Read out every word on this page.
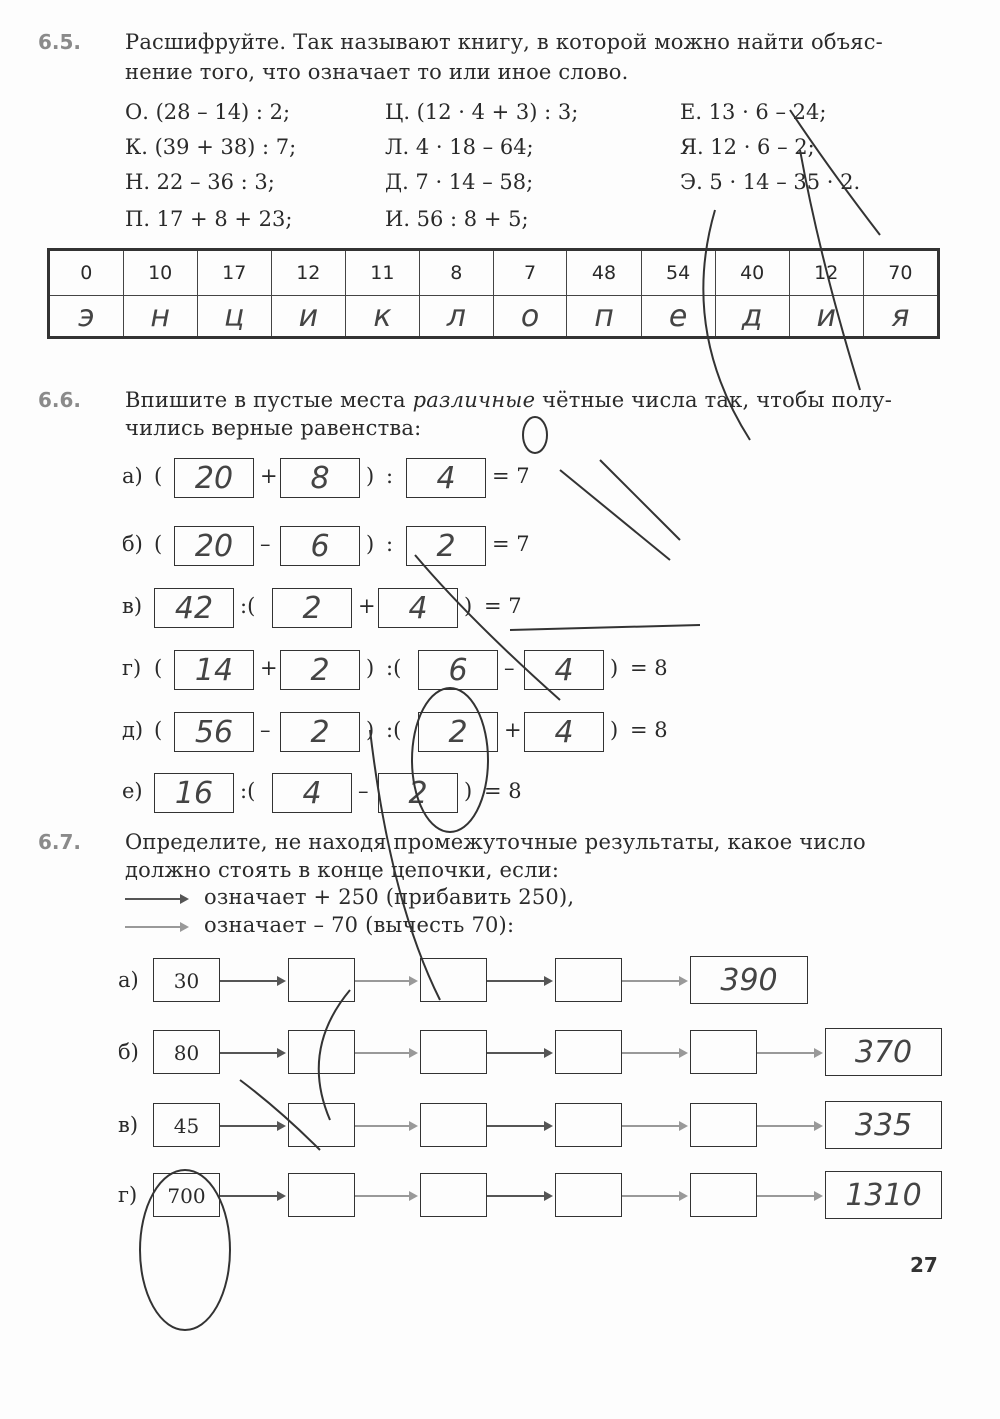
6.5. Расшифруйте. Так называют книгу, в которой можно найти объяс-
нение того, что означает то или иное слово.
О. (28 – 14) : 2;	Ц. (12 · 4 + 3) : 3;	Е. 13 · 6 – 24;
К. (39 + 38) : 7;	Л. 4 · 18 – 64;	Я. 12 · 6 – 2;
Н. 22 – 36 : 3;	Д. 7 · 14 – 58;	Э. 5 · 14 – 35 · 2.
П. 17 + 8 + 23;	И. 56 : 8 + 5;
0	10	17	12	11	8	7	48	54	40	12	70
э	н	ц	и	к	л	о	п	е	д	и	я
6.6. Впишите в пустые места различные чётные числа так, чтобы полу-
чились верные равенства:
а) (	20	+	8	) :	4	= 7
б) (	20	–	6	) :	2	= 7
в)	42	:(	2	+	4	) = 7
г) (	14	+	2	) :(	6	–	4	) = 8
д) (	56	–	2	) :(	2	+	4	) = 8
е)	16	:(	4	–	2	) = 8
6.7. Определите, не находя промежуточные результаты, какое число
должно стоять в конце цепочки, если:
означает + 250 (прибавить 250),
означает – 70 (вычесть 70):
а)	30	390
б)	80	370
в)	45	335
г)	700	1310
27
